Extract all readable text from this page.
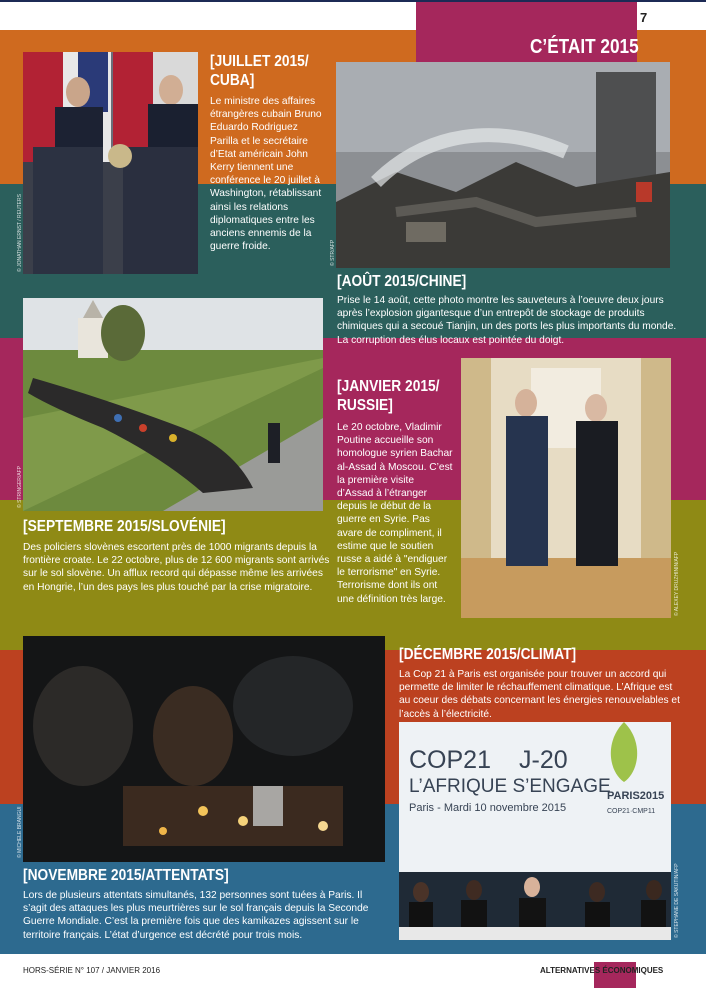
C’ÉTAIT 2015
7
© JONATHAN ERNST / REUTERS
[JUILLET 2015/
CUBA]
Le ministre des affaires étrangères cubain Bruno Eduardo Rodriguez Parilla et le secrétaire d’Etat américain John Kerry tiennent une conférence le 20 juillet à Washington, rétablissant ainsi les relations diplomatiques entre les anciens ennemis de la guerre froide.	© STR/AFP
[AOÛT 2015/CHINE]
Prise le 14 août, cette photo montre les sauveteurs à l’oeuvre deux jours après l’explosion gigantesque d’un entrepôt de stockage de produits chimiques qui a secoué Tianjin, un des ports les plus importants du monde. La corruption des élus locaux est pointée du doigt.
© STRINGER/AFP
[SEPTEMBRE 2015/SLOVÉNIE]
Des policiers slovènes escortent près de 1000 migrants depuis la frontière croate. Le 22 octobre, plus de 12 600 migrants sont arrivés sur le sol slovène. Un afflux record qui dépasse même les arrivées en Hongrie, l’un des pays les plus touché par la crise migratoire.
[JANVIER 2015/
RUSSIE]
Le 20 octobre, Vladimir Poutine accueille son homologue syrien Bachar al-Assad à Moscou. C’est la première visite d’Assad à l’étranger depuis le début de la guerre en Syrie. Pas avare de compliment, il estime que le soutien russe a aidé à "endiguer le terrorisme" en Syrie. Terrorisme dont ils ont une définition très large.	© ALEXEY DRUZHININ/AFP
© MICHELE BRANGUI
[DÉCEMBRE 2015/CLIMAT]
La Cop 21 à Paris est organisée pour trouver un accord qui permette de limiter le réchauffement climatique. L’Afrique est au coeur des débats concernant les énergies renouvelables et l’accès à l’électricité.
COP21 J-20
L’AFRIQUE S’ENGAGE
Paris - Mardi 10 novembre 2015
PARIS2015
COP21·CMP11
© STEPHANE DE SAKUTIN/AFP
[NOVEMBRE 2015/ATTENTATS]
Lors de plusieurs attentats simultanés, 132 personnes sont tuées à Paris. Il s’agit des attaques les plus meurtrières sur le sol français depuis la Seconde Guerre Mondiale. C’est la première fois que des kamikazes agissent sur le territoire français. L’état d’urgence est décrété pour trois mois.
HORS-SÉRIE N° 107 / JANVIER 2016	ALTERNATIVES ÉCONOMIQUES
